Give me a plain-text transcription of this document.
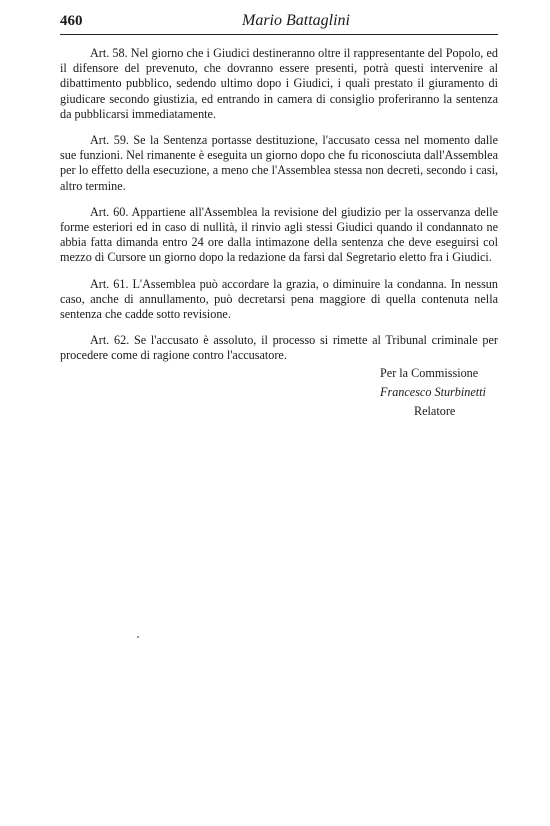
460	Mario Battaglini

Art. 58. Nel giorno che i Giudici destineranno oltre il rappresentante del Popolo, ed il difensore del prevenuto, che dovranno essere presenti, potrà questi intervenire al dibattimento pubblico, sedendo ultimo dopo i Giudici, i quali prestato il giuramento di giudicare secondo giustizia, ed entrando in camera di consiglio proferiranno la sentenza da pubblicarsi immediatamente.

Art. 59. Se la Sentenza portasse destituzione, l'accusato cessa nel momento dalle sue funzioni. Nel rimanente è eseguita un giorno dopo che fu riconosciuta dall'Assemblea per lo effetto della esecuzione, a meno che l'Assemblea stessa non decreti, secondo i casi, altro termine.

Art. 60. Appartiene all'Assemblea la revisione del giudizio per la osservanza delle forme esteriori ed in caso di nullità, il rinvio agli stessi Giudici quando il condannato ne abbia fatta dimanda entro 24 ore dalla intimazone della sentenza che deve eseguirsi col mezzo di Cursore un giorno dopo la redazione da farsi dal Segretario eletto fra i Giudici.

Art. 61. L'Assemblea può accordare la grazia, o diminuire la condanna. In nessun caso, anche di annullamento, può decretarsi pena maggiore di quella contenuta nella sentenza che cadde sotto revisione.

Art. 62. Se l'accusato è assoluto, il processo si rimette al Tribunal criminale per procedere come di ragione contro l'accusatore.

Per la Commissione
Francesco Sturbinetti
Relatore
